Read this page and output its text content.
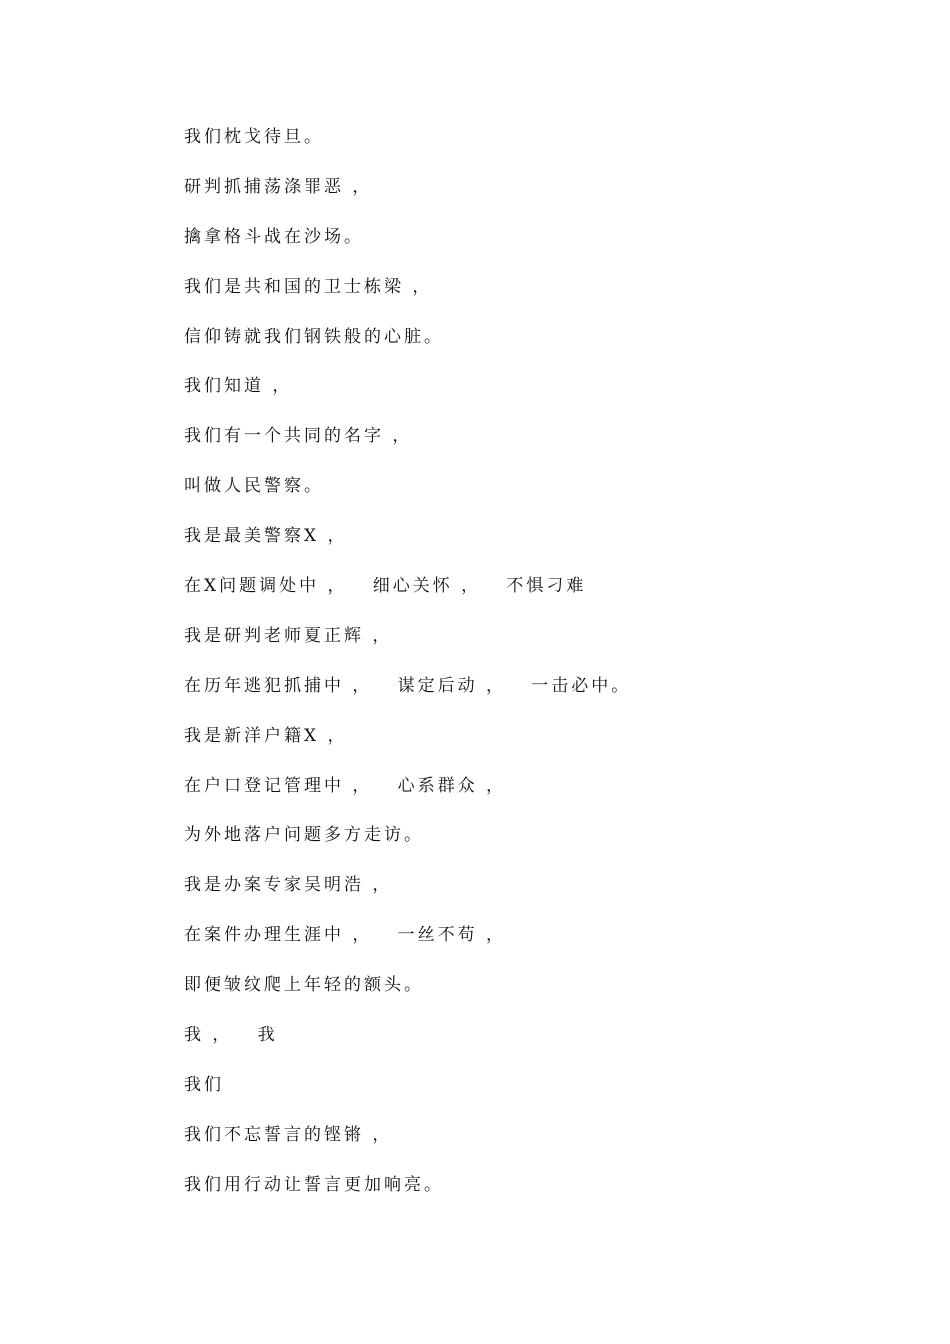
我们枕戈待旦。
研判抓捕荡涤罪恶 ，
擒拿格斗战在沙场。
我们是共和国的卫士栋梁 ，
信仰铸就我们钢铁般的心脏。
我们知道 ，
我们有一个共同的名字 ，
叫做人民警察。
我是最美警察X ，
在X问题调处中 ，   细心关怀 ，   不惧刁难
我是研判老师夏正辉 ，
在历年逃犯抓捕中 ，   谋定后动 ，   一击必中。
我是新洋户籍X ，
在户口登记管理中 ，   心系群众 ，
为外地落户问题多方走访。
我是办案专家吴明浩 ，
在案件办理生涯中 ，   一丝不苟 ，
即便皱纹爬上年轻的额头。
我 ，   我
我们
我们不忘誓言的铿锵 ，
我们用行动让誓言更加响亮。
